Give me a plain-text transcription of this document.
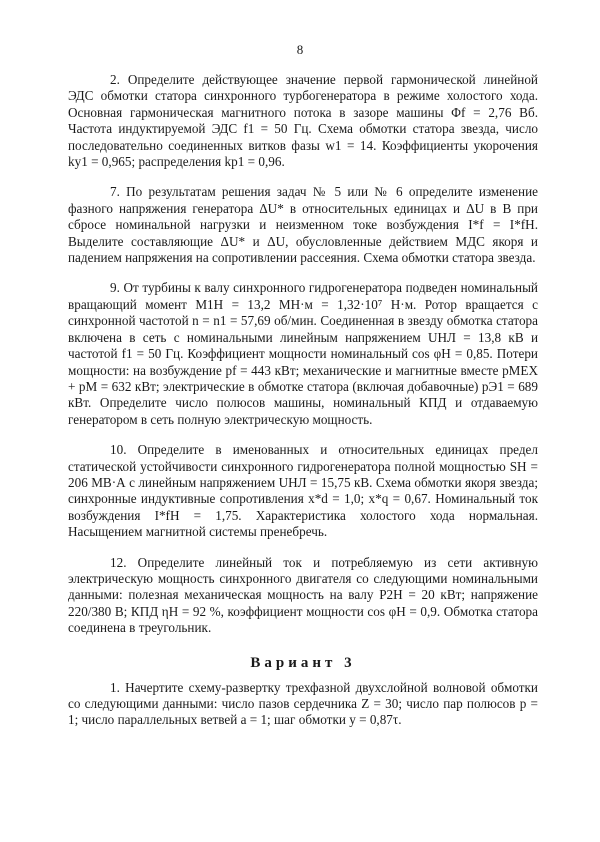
8

2. Определите действующее значение первой гармонической линейной ЭДС обмотки статора синхронного турбогенератора в режиме холостого хода. Основная гармоническая магнитного потока в зазоре машины Φf = 2,76 Вб. Частота индуктируемой ЭДС f1 = 50 Гц. Схема обмотки статора звезда, число последовательно соединенных витков фазы w1 = 14. Коэффициенты укорочения ky1 = 0,965; распределения kp1 = 0,96.

7. По результатам решения задач № 5 или № 6 определите изменение фазного напряжения генератора ΔU* в относительных единицах и ΔU в В при сбросе номинальной нагрузки и неизменном токе возбуждения I*f = I*fН. Выделите составляющие ΔU* и ΔU, обусловленные действием МДС якоря и падением напряжения на сопротивлении рассеяния. Схема обмотки статора звезда.

9. От турбины к валу синхронного гидрогенератора подведен номинальный вращающий момент M1Н = 13,2 МН·м = 1,32·10⁷ Н·м. Ротор вращается с синхронной частотой n = n1 = 57,69 об/мин. Соединенная в звезду обмотка статора включена в сеть с номинальными линейным напряжением UНЛ = 13,8 кВ и частотой f1 = 50 Гц. Коэффициент мощности номинальный cos φН = 0,85. Потери мощности: на возбуждение pf = 443 кВт; механические и магнитные вместе pМЕХ + pМ = 632 кВт; электрические в обмотке статора (включая добавочные) pЭ1 = 689 кВт. Определите число полюсов машины, номинальный КПД и отдаваемую генератором в сеть полную электрическую мощность.

10. Определите в именованных и относительных единицах предел статической устойчивости синхронного гидрогенератора полной мощностью SН = 206 МВ·А с линейным напряжением UНЛ = 15,75 кВ. Схема обмотки якоря звезда; синхронные индуктивные сопротивления x*d = 1,0; x*q = 0,67. Номинальный ток возбуждения I*fН = 1,75. Характеристика холостого хода нормальная. Насыщением магнитной системы пренебречь.

12. Определите линейный ток и потребляемую из сети активную электрическую мощность синхронного двигателя со следующими номинальными данными: полезная механическая мощность на валу P2Н = 20 кВт; напряжение 220/380 В; КПД ηН = 92 %, коэффициент мощности cos φН = 0,9. Обмотка статора соединена в треугольник.

Вариант 3

1. Начертите схему-развертку трехфазной двухслойной волновой обмотки со следующими данными: число пазов сердечника Z = 30; число пар полюсов p = 1; число параллельных ветвей a = 1; шаг обмотки y = 0,87τ.
